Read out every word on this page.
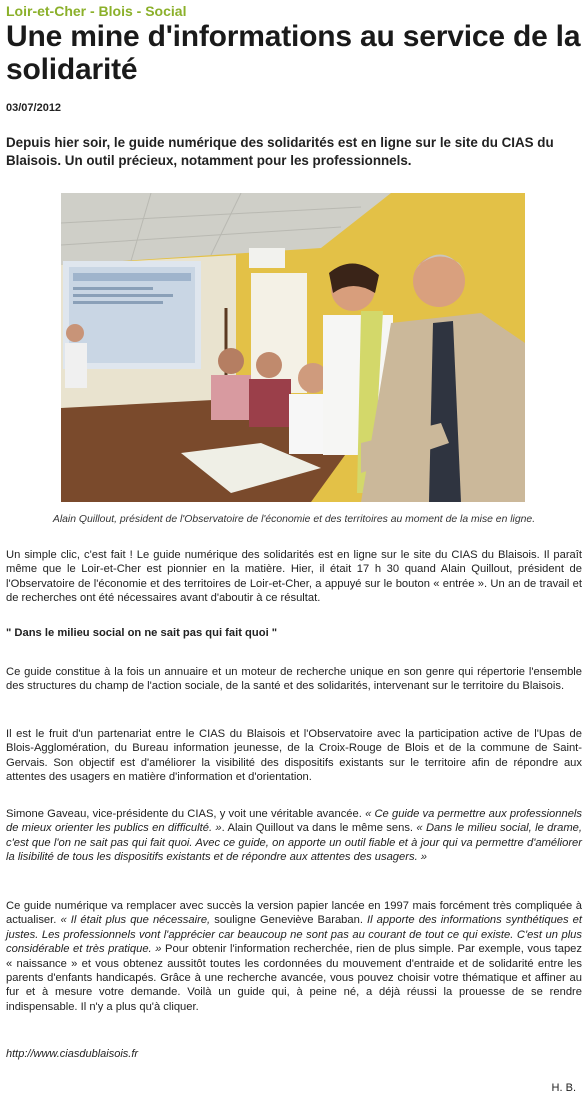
Loir-et-Cher - Blois - Social
Une mine d'informations au service de la solidarité
03/07/2012

Depuis hier soir, le guide numérique des solidarités est en ligne sur le site du CIAS du Blaisois. Un outil précieux, notamment pour les professionnels.

Alain Quillout, président de l'Observatoire de l'économie et des territoires au moment de la mise en ligne.

Un simple clic, c'est fait ! Le guide numérique des solidarités est en ligne sur le site du CIAS du Blaisois. Il paraît même que le Loir-et-Cher est pionnier en la matière. Hier, il était 17 h 30 quand Alain Quillout, président de l'Observatoire de l'économie et des territoires de Loir-et-Cher, a appuyé sur le bouton « entrée ». Un an de travail et de recherches ont été nécessaires avant d'aboutir à ce résultat.

" Dans le milieu social on ne sait pas qui fait quoi "

Ce guide constitue à la fois un annuaire et un moteur de recherche unique en son genre qui répertorie l'ensemble des structures du champ de l'action sociale, de la santé et des solidarités, intervenant sur le territoire du Blaisois.

Il est le fruit d'un partenariat entre le CIAS du Blaisois et l'Observatoire avec la participation active de l'Upas de Blois-Agglomération, du Bureau information jeunesse, de la Croix-Rouge de Blois et de la commune de Saint-Gervais. Son objectif est d'améliorer la visibilité des dispositifs existants sur le territoire afin de répondre aux attentes des usagers en matière d'information et d'orientation.

Simone Gaveau, vice-présidente du CIAS, y voit une véritable avancée. « Ce guide va permettre aux professionnels de mieux orienter les publics en difficulté. ». Alain Quillout va dans le même sens. « Dans le milieu social, le drame, c'est que l'on ne sait pas qui fait quoi. Avec ce guide, on apporte un outil fiable et à jour qui va permettre d'améliorer la lisibilité de tous les dispositifs existants et de répondre aux attentes des usagers. »

Ce guide numérique va remplacer avec succès la version papier lancée en 1997 mais forcément très compliquée à actualiser. « Il était plus que nécessaire, souligne Geneviève Baraban. Il apporte des informations synthétiques et justes. Les professionnels vont l'apprécier car beaucoup ne sont pas au courant de tout ce qui existe. C'est un plus considérable et très pratique. » Pour obtenir l'information recherchée, rien de plus simple. Par exemple, vous tapez « naissance » et vous obtenez aussitôt toutes les cordonnées du mouvement d'entraide et de solidarité entre les parents d'enfants handicapés. Grâce à une recherche avancée, vous pouvez choisir votre thématique et affiner au fur et à mesure votre demande. Voilà un guide qui, à peine né, a déjà réussi la prouesse de se rendre indispensable. Il n'y a plus qu'à cliquer.

http://www.ciasdublaisois.fr
H. B.
